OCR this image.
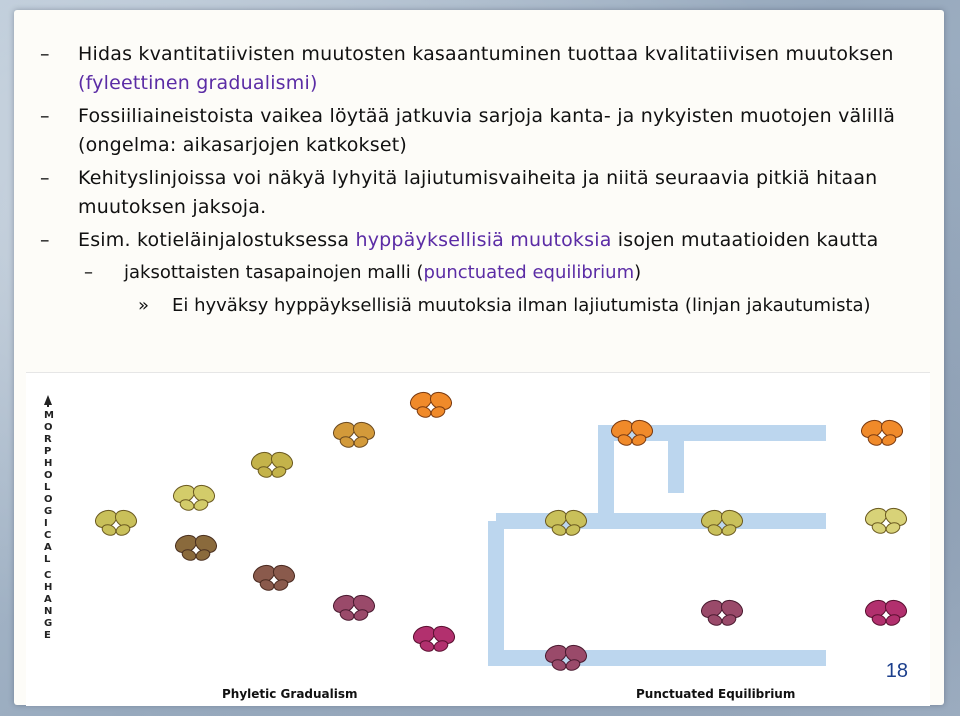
– Hidas kvantitatiivisten muutosten kasaantuminen tuottaa kvalitatiivisen muutoksen (fyleettinen gradualismi)
– Fossiiliaineistoista vaikea löytää jatkuvia sarjoja kanta- ja nykyisten muotojen välillä (ongelma: aikasarjojen katkokset)
– Kehityslinjoissa voi näkyä lyhyitä lajiutumisvaiheita ja niitä seuraavia pitkiä hitaan muutoksen jaksoja.
– Esim. kotieläinjalostuksessa hyppäyksellisiä muutoksia isojen mutaatioiden kautta
– jaksottaisten tasapainojen malli (punctuated equilibrium)
» Ei hyväksy hyppäyksellisiä muutoksia ilman lajiutumista (linjan jakautumista)
M
O
R
P
H
O
L
O
G
I
C
A
L
C
H
A
N
G
E
Phyletic Gradualism	Punctuated Equilibrium
18
